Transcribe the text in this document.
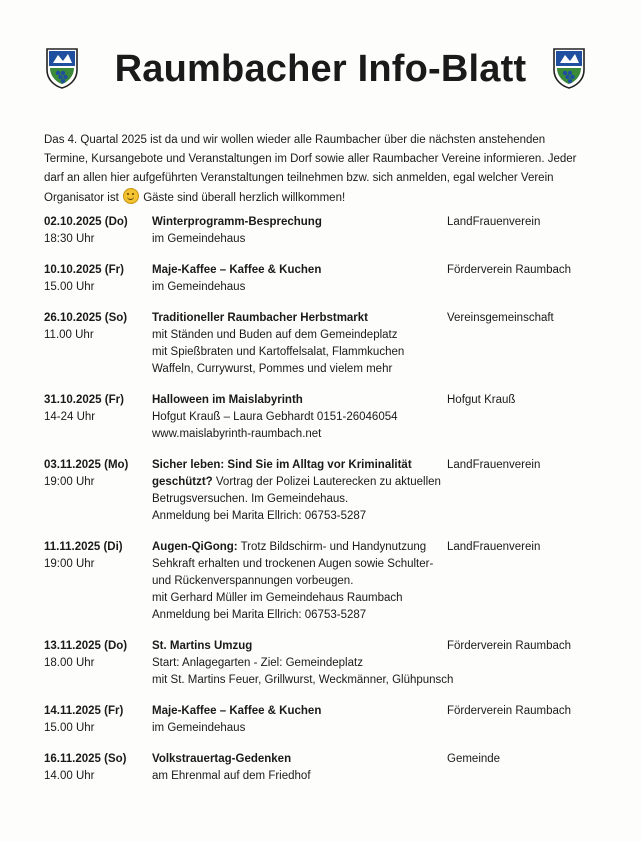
Raumbacher Info-Blatt
Das 4. Quartal 2025 ist da und wir wollen wieder alle Raumbacher über die nächsten anstehenden Termine, Kursangebote und Veranstaltungen im Dorf sowie aller Raumbacher Vereine informieren. Jeder darf an allen hier aufgeführten Veranstaltungen teilnehmen bzw. sich anmelden, egal welcher Verein Organisator ist Gäste sind überall herzlich willkommen!
02.10.2025 (Do)
18:30 Uhr
Winterprogramm-Besprechung
im Gemeindehaus
LandFrauenverein
10.10.2025 (Fr)
15.00 Uhr
Maje-Kaffee – Kaffee & Kuchen
im Gemeindehaus
Förderverein Raumbach
26.10.2025 (So)
11.00 Uhr
Traditioneller Raumbacher Herbstmarkt
mit Ständen und Buden auf dem Gemeindeplatz
mit Spießbraten und Kartoffelsalat, Flammkuchen
Waffeln, Currywurst, Pommes und vielem mehr
Vereinsgemeinschaft
31.10.2025 (Fr)
14-24 Uhr
Halloween im Maislabyrinth
Hofgut Krauß – Laura Gebhardt 0151-26046054
www.maislabyrinth-raumbach.net
Hofgut Krauß
03.11.2025 (Mo)
19:00 Uhr
Sicher leben: Sind Sie im Alltag vor Kriminalität
geschützt? Vortrag der Polizei Lauterecken zu aktuellen
Betrugsversuchen. Im Gemeindehaus.
Anmeldung bei Marita Ellrich: 06753-5287
LandFrauenverein
11.11.2025 (Di)
19:00 Uhr
Augen-QiGong: Trotz Bildschirm- und Handynutzung
Sehkraft erhalten und trockenen Augen sowie Schulter-
und Rückenverspannungen vorbeugen.
mit Gerhard Müller im Gemeindehaus Raumbach
Anmeldung bei Marita Ellrich: 06753-5287
LandFrauenverein
13.11.2025 (Do)
18.00 Uhr
St. Martins Umzug
Start: Anlagegarten - Ziel: Gemeindeplatz
mit St. Martins Feuer, Grillwurst, Weckmänner, Glühpunsch
Förderverein Raumbach
14.11.2025 (Fr)
15.00 Uhr
Maje-Kaffee – Kaffee & Kuchen
im Gemeindehaus
Förderverein Raumbach
16.11.2025 (So)
14.00 Uhr
Volkstrauertag-Gedenken
am Ehrenmal auf dem Friedhof
Gemeinde
